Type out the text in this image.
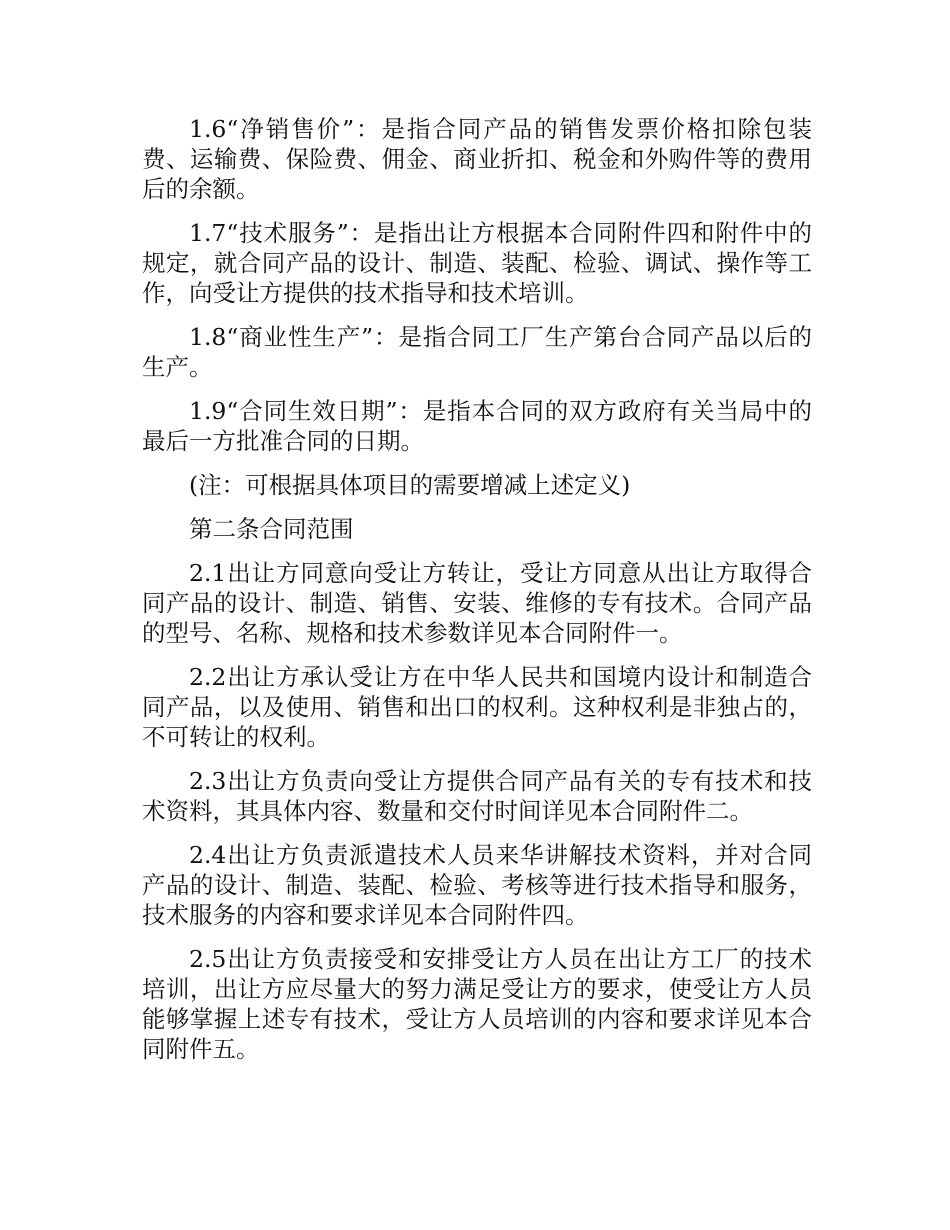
1.6“净销售价”：是指合同产品的销售发票价格扣除包装费、运输费、保险费、佣金、商业折扣、税金和外购件等的费用后的余额。

1.7“技术服务”：是指出让方根据本合同附件四和附件中的规定，就合同产品的设计、制造、装配、检验、调试、操作等工作，向受让方提供的技术指导和技术培训。

1.8“商业性生产”：是指合同工厂生产第台合同产品以后的生产。

1.9“合同生效日期”：是指本合同的双方政府有关当局中的最后一方批准合同的日期。

(注：可根据具体项目的需要增减上述定义)

第二条合同范围

2.1出让方同意向受让方转让，受让方同意从出让方取得合同产品的设计、制造、销售、安装、维修的专有技术。合同产品的型号、名称、规格和技术参数详见本合同附件一。

2.2出让方承认受让方在中华人民共和国境内设计和制造合同产品，以及使用、销售和出口的权利。这种权利是非独占的，不可转让的权利。

2.3出让方负责向受让方提供合同产品有关的专有技术和技术资料，其具体内容、数量和交付时间详见本合同附件二。

2.4出让方负责派遣技术人员来华讲解技术资料，并对合同产品的设计、制造、装配、检验、考核等进行技术指导和服务，技术服务的内容和要求详见本合同附件四。

2.5出让方负责接受和安排受让方人员在出让方工厂的技术培训，出让方应尽量大的努力满足受让方的要求，使受让方人员能够掌握上述专有技术，受让方人员培训的内容和要求详见本合同附件五。
